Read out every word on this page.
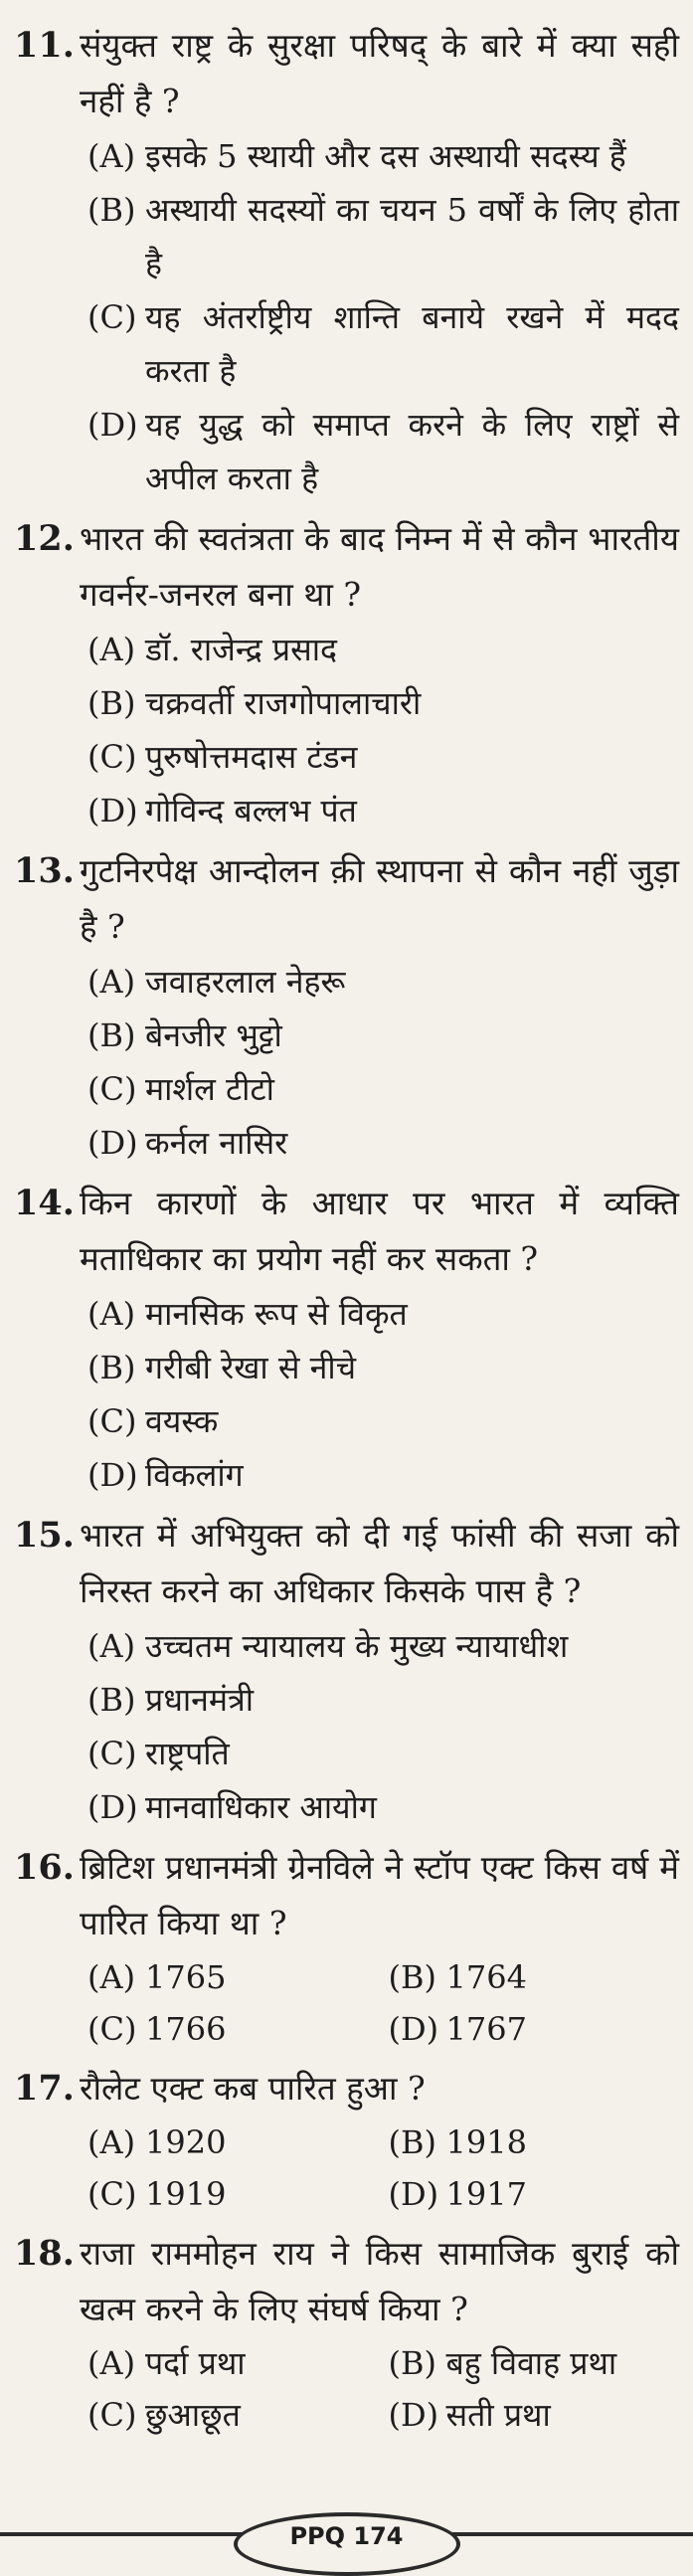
11. संयुक्त राष्ट्र के सुरक्षा परिषद् के बारे में क्या सही नहीं है ?
(A) इसके 5 स्थायी और दस अस्थायी सदस्य हैं
(B) अस्थायी सदस्यों का चयन 5 वर्षों के लिए होता है
(C) यह अंतर्राष्ट्रीय शान्ति बनाये रखने में मदद करता है
(D) यह युद्ध को समाप्त करने के लिए राष्ट्रों से अपील करता है
12. भारत की स्वतंत्रता के बाद निम्न में से कौन भारतीय गवर्नर-जनरल बना था ?
(A) डॉ. राजेन्द्र प्रसाद
(B) चक्रवर्ती राजगोपालाचारी
(C) पुरुषोत्तमदास टंडन
(D) गोविन्द बल्लभ पंत
13. गुटनिरपेक्ष आन्दोलन क़ी स्थापना से कौन नहीं जुड़ा है ?
(A) जवाहरलाल नेहरू
(B) बेनजीर भुट्टो
(C) मार्शल टीटो
(D) कर्नल नासिर
14. किन कारणों के आधार पर भारत में व्यक्ति मताधिकार का प्रयोग नहीं कर सकता ?
(A) मानसिक रूप से विकृत
(B) गरीबी रेखा से नीचे
(C) वयस्क
(D) विकलांग
15. भारत में अभियुक्त को दी गई फांसी की सजा को निरस्त करने का अधिकार किसके पास है ?
(A) उच्चतम न्यायालय के मुख्य न्यायाधीश
(B) प्रधानमंत्री
(C) राष्ट्रपति
(D) मानवाधिकार आयोग
16. ब्रिटिश प्रधानमंत्री ग्रेनविले ने स्टॉप एक्ट किस वर्ष में पारित किया था ?
(A) 1765	(B) 1764
(C) 1766	(D) 1767
17. रौलेट एक्ट कब पारित हुआ ?
(A) 1920	(B) 1918
(C) 1919	(D) 1917
18. राजा राममोहन राय ने किस सामाजिक बुराई को खत्म करने के लिए संघर्ष किया ?
(A) पर्दा प्रथा	(B) बहु विवाह प्रथा
(C) छुआछूत	(D) सती प्रथा
PPQ 174
